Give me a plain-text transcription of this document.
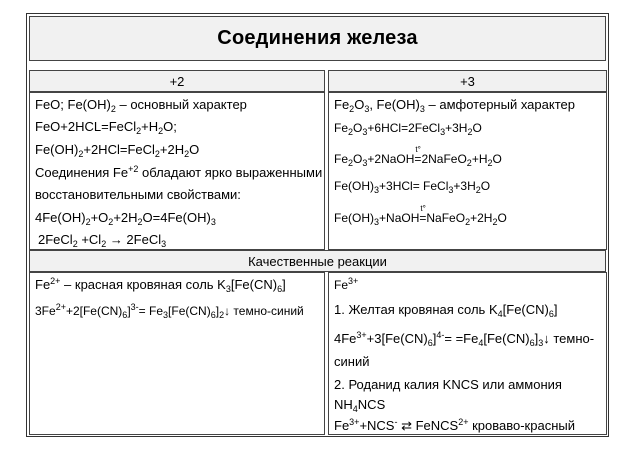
Соединения железа
+2	+3
FeO; $Fe(OH)_2$ – основный характер
$FeO+2HCL=FeCl_2+H_2O$;
$Fe(OH)_2+2HCl=FeCl_2+2H_2O$
Соединения $Fe^{+2}$ обладают ярко выраженными
восстановительными свойствами:
$4Fe(OH)_2+O_2+2H_2O=4Fe(OH)_3$
2FeCl$_2$ $+Cl_2$ → 2FeCl$_3$
$Fe_2O_3$, $Fe(OH)_3$ – амфотерный характер
$Fe_2O_3+6HCl=2FeCl_3+3H_2O$
$Fe_2O_3+2NaOH$
t°
$=2NaFeO_2+H_2O$
$Fe(OH)_3+3HCl=$ $FeCl_3+3H_2O$
$Fe(OH)_3+NaOH$
t°
$=NaFeO_2+2H_2O$
Качественные реакции
$Fe^{2+}$ – красная кровяная соль $K_3[Fe(CN)_6]$
$3Fe^{2+}+2[Fe(CN)_6]^{3-}=$ $Fe_3[Fe(CN)_6]_2↓$ темно-синий
$Fe^{3+}$
1. Желтая кровяная соль $K_4[Fe(CN)_6]$
$4Fe^{3+}+3[Fe(CN)_6]^{4-}=$ $=Fe_4[Fe(CN)_6]_3↓$ темно-
синий
2. Роданид калия KNCS или аммония
$NH_4NCS$
$Fe^{3+}+NCS^-$ ⇄ FeNCS$^{2+}$ кроваво-красный
